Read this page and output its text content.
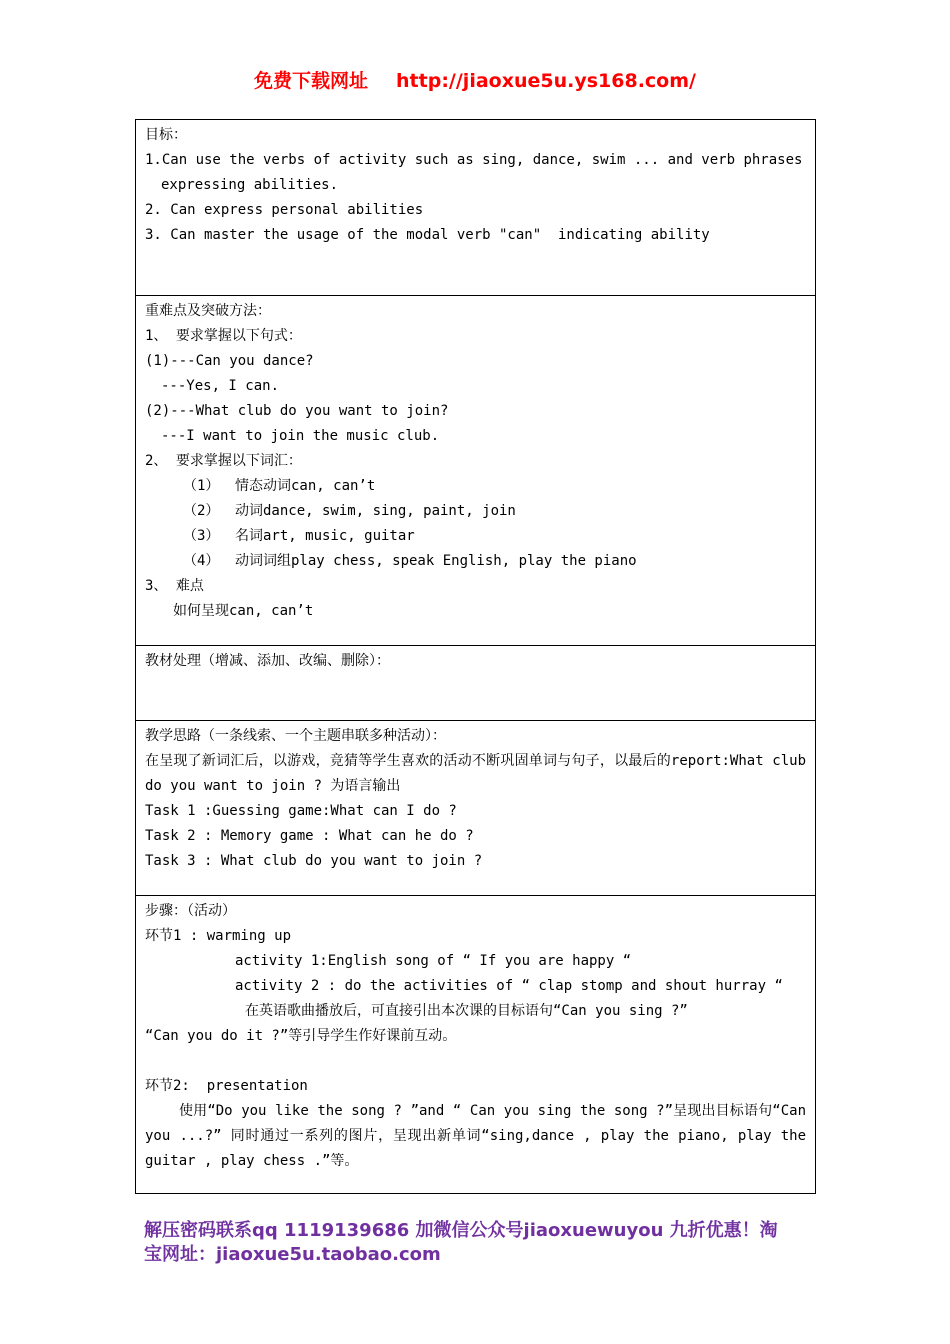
免费下载网址 http://jiaoxue5u.ys168.com/
目标：
1.Can use the verbs of activity such as sing, dance, swim ... and verb phrases
expressing abilities.
2. Can express personal abilities
3. Can master the usage of the modal verb "can"  indicating ability
重难点及突破方法：
1、 要求掌握以下句式：
(1)---Can you dance?
---Yes, I can.
(2)---What club do you want to join?
---I want to join the music club.
2、 要求掌握以下词汇：
（1） 情态动词can, can’t
（2） 动词dance, swim, sing, paint, join
（3） 名词art, music, guitar
（4） 动词词组play chess, speak English, play the piano
3、 难点
如何呈现can, can’t
教材处理（增减、添加、改编、删除）：
教学思路（一条线索、一个主题串联多种活动）：
在呈现了新词汇后，以游戏，竞猜等学生喜欢的活动不断巩固单词与句子，以最后的report:What club do you want to join ? 为语言输出
Task 1 :Guessing game:What can I do ?
Task 2 : Memory game : What can he do ?
Task 3 : What club do you want to join ?
步骤：（活动）
环节1 : warming up
activity 1:English song of “ If you are happy “
activity 2 : do the activities of “ clap stomp and shout hurray “
在英语歌曲播放后，可直接引出本次课的目标语句“Can you sing ?”
“Can you do it ?”等引导学生作好课前互动。
环节2:  presentation
使用“Do you like the song ? ”and “ Can you sing the song ?”呈现出目标语句“Can you ...?” 同时通过一系列的图片，呈现出新单词“sing,dance , play the piano, play the guitar , play chess .”等。
解压密码联系qq 1119139686 加微信公众号jiaoxuewuyou 九折优惠！淘宝网址：jiaoxue5u.taobao.com
